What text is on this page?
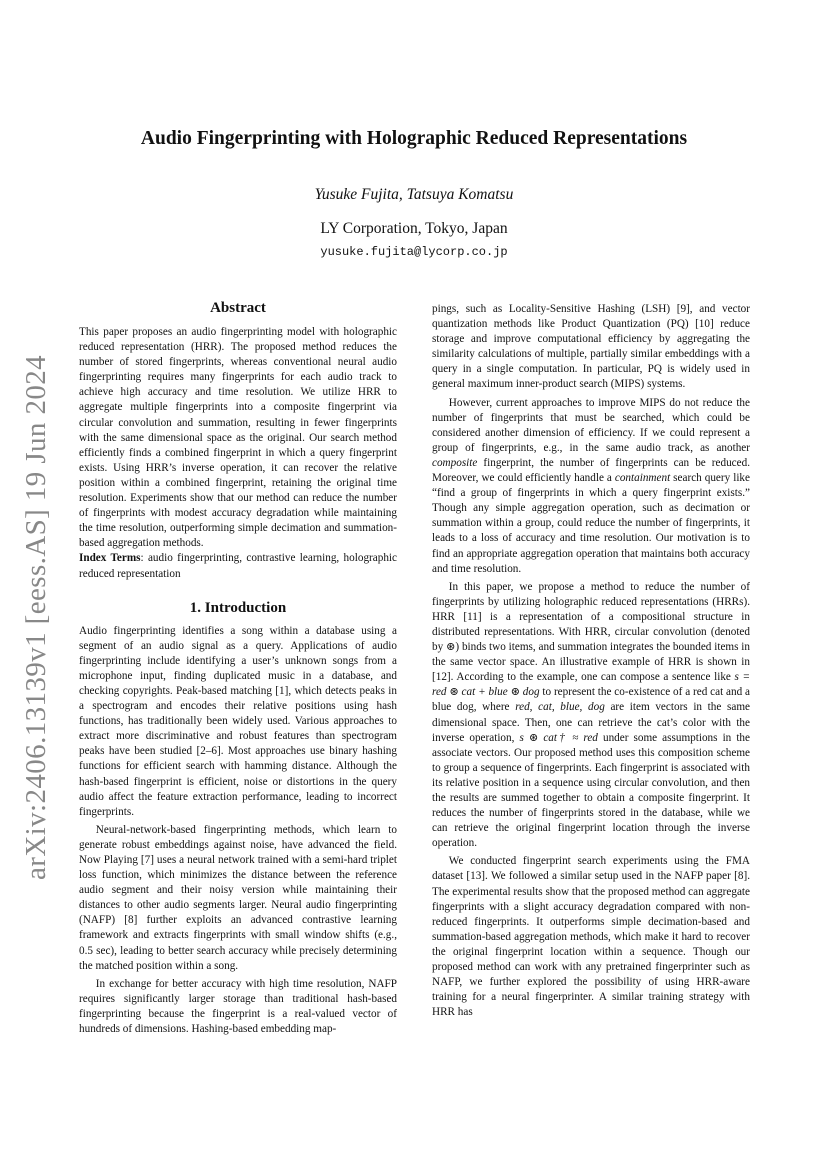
arXiv:2406.13139v1 [eess.AS] 19 Jun 2024
Audio Fingerprinting with Holographic Reduced Representations
Yusuke Fujita, Tatsuya Komatsu
LY Corporation, Tokyo, Japan
yusuke.fujita@lycorp.co.jp
Abstract

This paper proposes an audio fingerprinting model with holographic reduced representation (HRR). The proposed method reduces the number of stored fingerprints, whereas conventional neural audio fingerprinting requires many fingerprints for each audio track to achieve high accuracy and time resolution. We utilize HRR to aggregate multiple fingerprints into a composite fingerprint via circular convolution and summation, resulting in fewer fingerprints with the same dimensional space as the original. Our search method efficiently finds a combined fingerprint in which a query fingerprint exists. Using HRR’s inverse operation, it can recover the relative position within a combined fingerprint, retaining the original time resolution. Experiments show that our method can reduce the number of fingerprints with modest accuracy degradation while maintaining the time resolution, outperforming simple decimation and summation-based aggregation methods.

Index Terms: audio fingerprinting, contrastive learning, holographic reduced representation

1. Introduction

Audio fingerprinting identifies a song within a database using a segment of an audio signal as a query. Applications of audio fingerprinting include identifying a user’s unknown songs from a microphone input, finding duplicated music in a database, and checking copyrights. Peak-based matching [1], which detects peaks in a spectrogram and encodes their relative positions using hash functions, has traditionally been widely used. Various approaches to extract more discriminative and robust features than spectrogram peaks have been studied [2–6]. Most approaches use binary hashing functions for efficient search with hamming distance. Although the hash-based fingerprint is efficient, noise or distortions in the query audio affect the feature extraction performance, leading to incorrect fingerprints.

Neural-network-based fingerprinting methods, which learn to generate robust embeddings against noise, have advanced the field. Now Playing [7] uses a neural network trained with a semi-hard triplet loss function, which minimizes the distance between the reference audio segment and their noisy version while maintaining their distances to other audio segments larger. Neural audio fingerprinting (NAFP) [8] further exploits an advanced contrastive learning framework and extracts fingerprints with small window shifts (e.g., 0.5 sec), leading to better search accuracy while precisely determining the matched position within a song.

In exchange for better accuracy with high time resolution, NAFP requires significantly larger storage than traditional hash-based fingerprinting because the fingerprint is a real-valued vector of hundreds of dimensions. Hashing-based embedding map-

pings, such as Locality-Sensitive Hashing (LSH) [9], and vector quantization methods like Product Quantization (PQ) [10] reduce storage and improve computational efficiency by aggregating the similarity calculations of multiple, partially similar embeddings with a query in a single computation. In particular, PQ is widely used in general maximum inner-product search (MIPS) systems.

However, current approaches to improve MIPS do not reduce the number of fingerprints that must be searched, which could be considered another dimension of efficiency. If we could represent a group of fingerprints, e.g., in the same audio track, as another composite fingerprint, the number of fingerprints can be reduced. Moreover, we could efficiently handle a containment search query like “find a group of fingerprints in which a query fingerprint exists.” Though any simple aggregation operation, such as decimation or summation within a group, could reduce the number of fingerprints, it leads to a loss of accuracy and time resolution. Our motivation is to find an appropriate aggregation operation that maintains both accuracy and time resolution.

In this paper, we propose a method to reduce the number of fingerprints by utilizing holographic reduced representations (HRRs). HRR [11] is a representation of a compositional structure in distributed representations. With HRR, circular convolution (denoted by ⊛) binds two items, and summation integrates the bounded items in the same vector space. An illustrative example of HRR is shown in [12]. According to the example, one can compose a sentence like s = red ⊛ cat + blue ⊛ dog to represent the co-existence of a red cat and a blue dog, where red, cat, blue, dog are item vectors in the same dimensional space. Then, one can retrieve the cat’s color with the inverse operation, s ⊛ cat† ≈ red under some assumptions in the associate vectors. Our proposed method uses this composition scheme to group a sequence of fingerprints. Each fingerprint is associated with its relative position in a sequence using circular convolution, and then the results are summed together to obtain a composite fingerprint. It reduces the number of fingerprints stored in the database, while we can retrieve the original fingerprint location through the inverse operation.

We conducted fingerprint search experiments using the FMA dataset [13]. We followed a similar setup used in the NAFP paper [8]. The experimental results show that the proposed method can aggregate fingerprints with a slight accuracy degradation compared with non-reduced fingerprints. It outperforms simple decimation-based and summation-based aggregation methods, which make it hard to recover the original fingerprint location within a sequence. Though our proposed method can work with any pretrained fingerprinter such as NAFP, we further explored the possibility of using HRR-aware training for a neural fingerprinter. A similar training strategy with HRR has
